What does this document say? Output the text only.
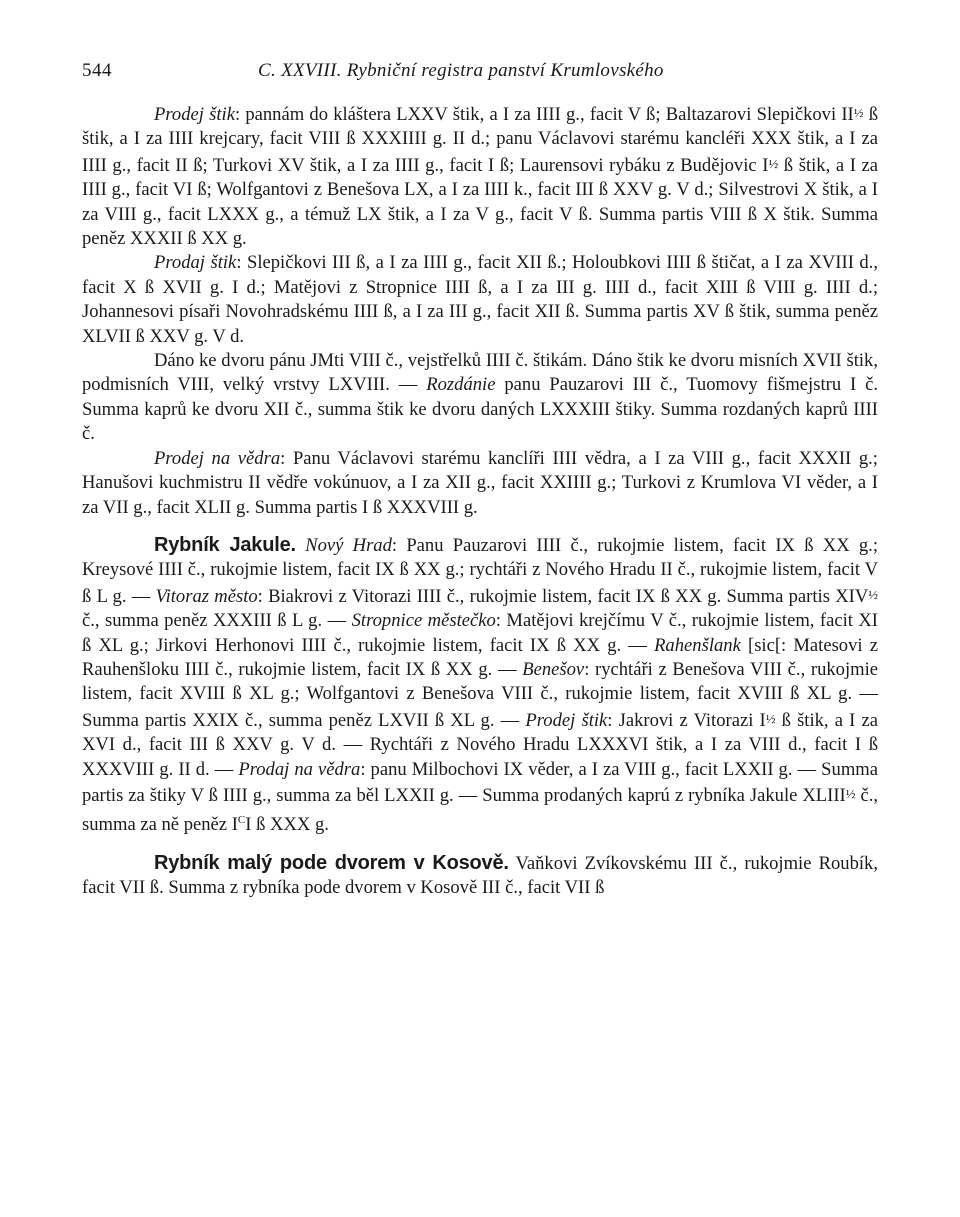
544	C. XXVIII. Rybniční registra panství Krumlovského

Prodej štik: pannám do kláštera LXXV štik, a I za IIII g., facit V ß; Baltazarovi Slepičkovi II½ ß štik, a I za IIII krejcary, facit VIII ß XXXIIII g. II d.; panu Václavovi starému kancléři XXX štik, a I za IIII g., facit II ß; Turkovi XV štik, a I za IIII g., facit I ß; Laurensovi rybáku z Budějovic I½ ß štik, a I za IIII g., facit VI ß; Wolfgantovi z Benešova LX, a I za IIII k., facit III ß XXV g. V d.; Silvestrovi X štik, a I za VIII g., facit LXXX g., a témuž LX štik, a I za V g., facit V ß. Summa partis VIII ß X štik. Summa peněz XXXII ß XX g.

Prodaj štik: Slepičkovi III ß, a I za IIII g., facit XII ß.; Holoubkovi IIII ß štičat, a I za XVIII d., facit X ß XVII g. I d.; Matějovi z Stropnice IIII ß, a I za III g. IIII d., facit XIII ß VIII g. IIII d.; Johannesovi písaři Novohradskému IIII ß, a I za III g., facit XII ß. Summa partis XV ß štik, summa peněz XLVII ß XXV g. V d.

Dáno ke dvoru pánu JMti VIII č., vejstřelků IIII č. štikám. Dáno štik ke dvoru misních XVII štik, podmisních VIII, velký vrstvy LXVIII. — Rozdánie panu Pauzarovi III č., Tuomovy fišmejstru I č. Summa kaprů ke dvoru XII č., summa štik ke dvoru daných LXXXIII štiky. Summa rozdaných kaprů IIII č.

Prodej na vědra: Panu Václavovi starému kanclíři IIII vědra, a I za VIII g., facit XXXII g.; Hanušovi kuchmistru II vědře vokúnuov, a I za XII g., facit XXIIII g.; Turkovi z Krumlova VI věder, a I za VII g., facit XLII g. Summa partis I ß XXXVIII g.

Rybník Jakule. Nový Hrad: Panu Pauzarovi IIII č., rukojmie listem, facit IX ß XX g.; Kreysové IIII č., rukojmie listem, facit IX ß XX g.; rychtáři z Nového Hradu II č., rukojmie listem, facit V ß L g. — Vitoraz město: Biakrovi z Vitorazi IIII č., rukojmie listem, facit IX ß XX g. Summa partis XIV½ č., summa peněz XXXIII ß L g. — Stropnice městečko: Matějovi krejčímu V č., rukojmie listem, facit XI ß XL g.; Jirkovi Herhonovi IIII č., rukojmie listem, facit IX ß XX g. — Rahenšlank [sic[: Matesovi z Rauhenšloku IIII č., rukojmie listem, facit IX ß XX g. — Benešov: rychtáři z Benešova VIII č., rukojmie listem, facit XVIII ß XL g.; Wolfgantovi z Benešova VIII č., rukojmie listem, facit XVIII ß XL g. — Summa partis XXIX č., summa peněz LXVII ß XL g. — Prodej štik: Jakrovi z Vitorazi I½ ß štik, a I za XVI d., facit III ß XXV g. V d. — Rychtáři z Nového Hradu LXXXVI štik, a I za VIII d., facit I ß XXXVIII g. II d. — Prodaj na vědra: panu Milbochovi IX věder, a I za VIII g., facit LXXII g. — Summa partis za štiky V ß IIII g., summa za běl LXXII g. — Summa prodaných kaprú z rybníka Jakule XLIII½ č., summa za ně peněz $I^CI$ ß XXX g.

Rybník malý pode dvorem v Kosově. Vaňkovi Zvíkovskému III č., rukojmie Roubík, facit VII ß. Summa z rybníka pode dvorem v Kosově III č., facit VII ß
